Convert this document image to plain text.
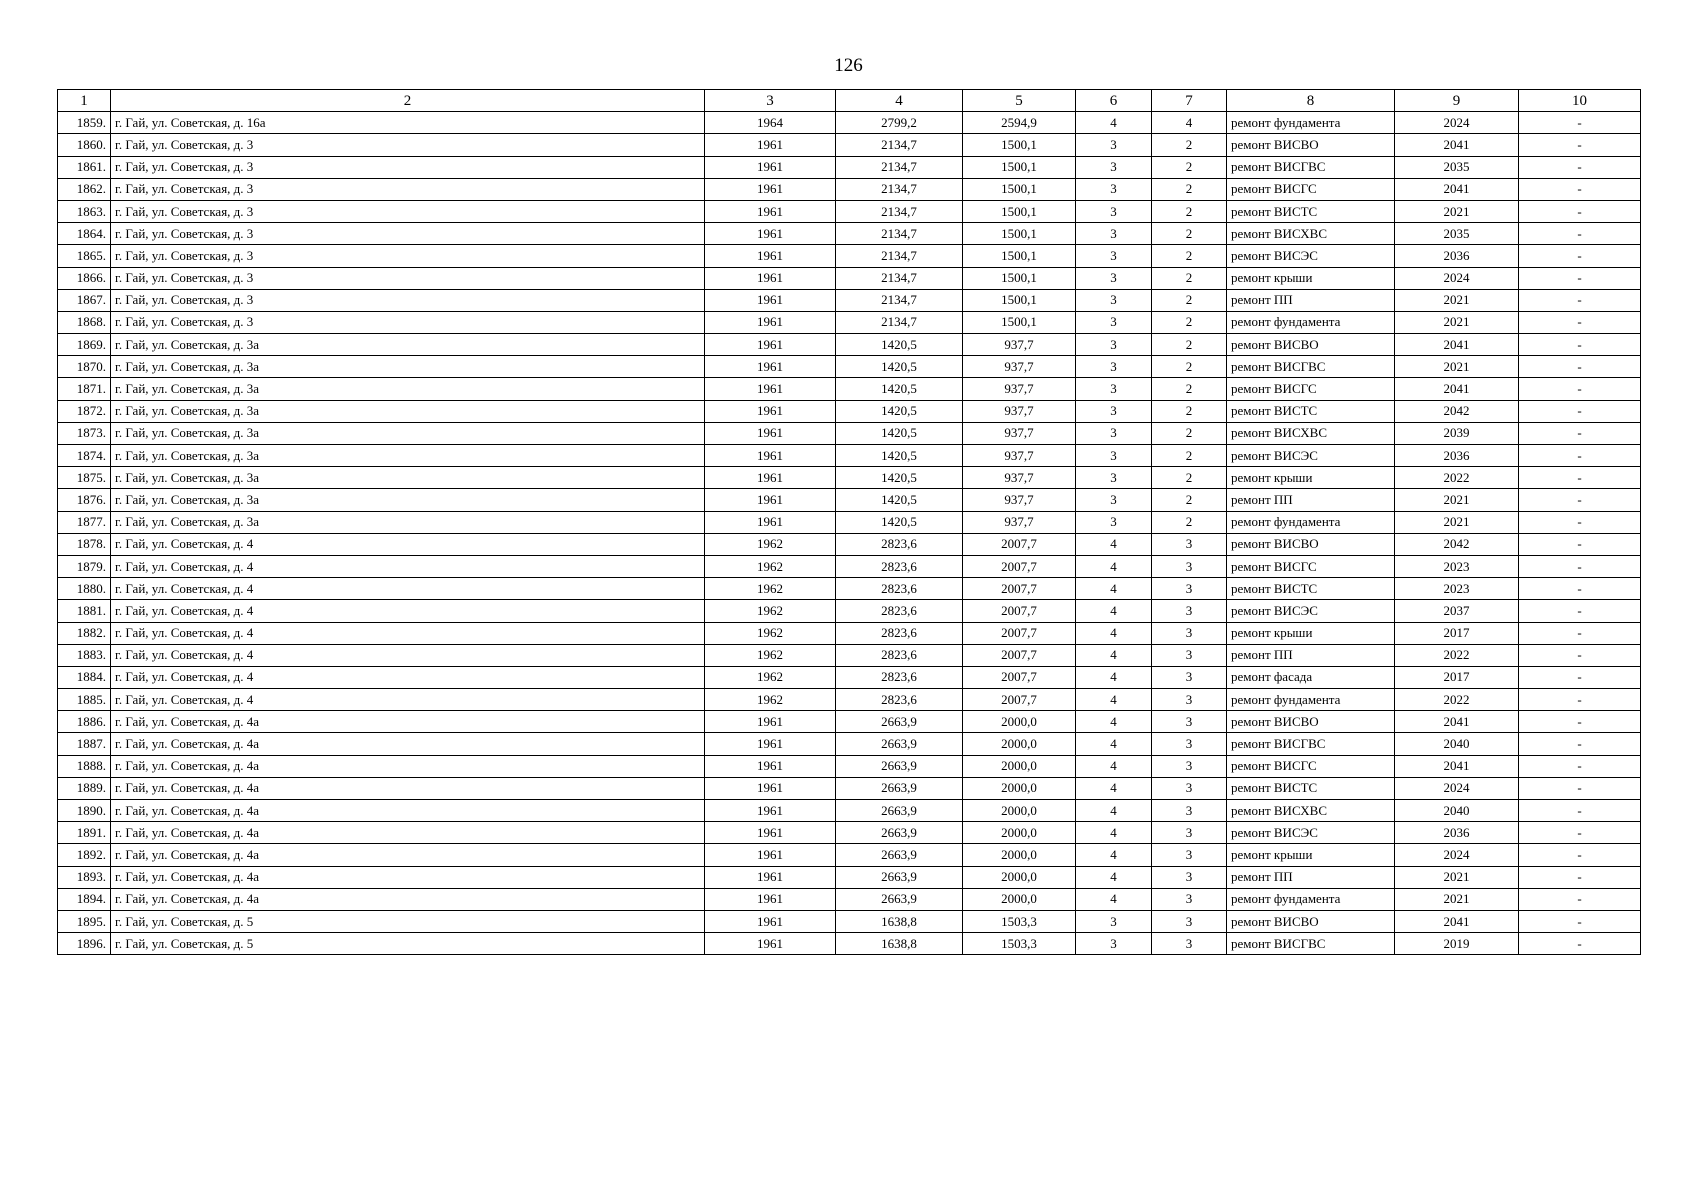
126
1	2	3	4	5	6	7	8	9	10
1859.	г. Гай, ул. Советская, д. 16а	1964	2799,2	2594,9	4	4	ремонт фундамента	2024	-
1860.	г. Гай, ул. Советская, д. 3	1961	2134,7	1500,1	3	2	ремонт ВИСВО	2041	-
1861.	г. Гай, ул. Советская, д. 3	1961	2134,7	1500,1	3	2	ремонт ВИСГВС	2035	-
1862.	г. Гай, ул. Советская, д. 3	1961	2134,7	1500,1	3	2	ремонт ВИСГС	2041	-
1863.	г. Гай, ул. Советская, д. 3	1961	2134,7	1500,1	3	2	ремонт ВИСТС	2021	-
1864.	г. Гай, ул. Советская, д. 3	1961	2134,7	1500,1	3	2	ремонт ВИСХВС	2035	-
1865.	г. Гай, ул. Советская, д. 3	1961	2134,7	1500,1	3	2	ремонт ВИСЭС	2036	-
1866.	г. Гай, ул. Советская, д. 3	1961	2134,7	1500,1	3	2	ремонт крыши	2024	-
1867.	г. Гай, ул. Советская, д. 3	1961	2134,7	1500,1	3	2	ремонт ПП	2021	-
1868.	г. Гай, ул. Советская, д. 3	1961	2134,7	1500,1	3	2	ремонт фундамента	2021	-
1869.	г. Гай, ул. Советская, д. 3а	1961	1420,5	937,7	3	2	ремонт ВИСВО	2041	-
1870.	г. Гай, ул. Советская, д. 3а	1961	1420,5	937,7	3	2	ремонт ВИСГВС	2021	-
1871.	г. Гай, ул. Советская, д. 3а	1961	1420,5	937,7	3	2	ремонт ВИСГС	2041	-
1872.	г. Гай, ул. Советская, д. 3а	1961	1420,5	937,7	3	2	ремонт ВИСТС	2042	-
1873.	г. Гай, ул. Советская, д. 3а	1961	1420,5	937,7	3	2	ремонт ВИСХВС	2039	-
1874.	г. Гай, ул. Советская, д. 3а	1961	1420,5	937,7	3	2	ремонт ВИСЭС	2036	-
1875.	г. Гай, ул. Советская, д. 3а	1961	1420,5	937,7	3	2	ремонт крыши	2022	-
1876.	г. Гай, ул. Советская, д. 3а	1961	1420,5	937,7	3	2	ремонт ПП	2021	-
1877.	г. Гай, ул. Советская, д. 3а	1961	1420,5	937,7	3	2	ремонт фундамента	2021	-
1878.	г. Гай, ул. Советская, д. 4	1962	2823,6	2007,7	4	3	ремонт ВИСВО	2042	-
1879.	г. Гай, ул. Советская, д. 4	1962	2823,6	2007,7	4	3	ремонт ВИСГС	2023	-
1880.	г. Гай, ул. Советская, д. 4	1962	2823,6	2007,7	4	3	ремонт ВИСТС	2023	-
1881.	г. Гай, ул. Советская, д. 4	1962	2823,6	2007,7	4	3	ремонт ВИСЭС	2037	-
1882.	г. Гай, ул. Советская, д. 4	1962	2823,6	2007,7	4	3	ремонт крыши	2017	-
1883.	г. Гай, ул. Советская, д. 4	1962	2823,6	2007,7	4	3	ремонт ПП	2022	-
1884.	г. Гай, ул. Советская, д. 4	1962	2823,6	2007,7	4	3	ремонт фасада	2017	-
1885.	г. Гай, ул. Советская, д. 4	1962	2823,6	2007,7	4	3	ремонт фундамента	2022	-
1886.	г. Гай, ул. Советская, д. 4а	1961	2663,9	2000,0	4	3	ремонт ВИСВО	2041	-
1887.	г. Гай, ул. Советская, д. 4а	1961	2663,9	2000,0	4	3	ремонт ВИСГВС	2040	-
1888.	г. Гай, ул. Советская, д. 4а	1961	2663,9	2000,0	4	3	ремонт ВИСГС	2041	-
1889.	г. Гай, ул. Советская, д. 4а	1961	2663,9	2000,0	4	3	ремонт ВИСТС	2024	-
1890.	г. Гай, ул. Советская, д. 4а	1961	2663,9	2000,0	4	3	ремонт ВИСХВС	2040	-
1891.	г. Гай, ул. Советская, д. 4а	1961	2663,9	2000,0	4	3	ремонт ВИСЭС	2036	-
1892.	г. Гай, ул. Советская, д. 4а	1961	2663,9	2000,0	4	3	ремонт крыши	2024	-
1893.	г. Гай, ул. Советская, д. 4а	1961	2663,9	2000,0	4	3	ремонт ПП	2021	-
1894.	г. Гай, ул. Советская, д. 4а	1961	2663,9	2000,0	4	3	ремонт фундамента	2021	-
1895.	г. Гай, ул. Советская, д. 5	1961	1638,8	1503,3	3	3	ремонт ВИСВО	2041	-
1896.	г. Гай, ул. Советская, д. 5	1961	1638,8	1503,3	3	3	ремонт ВИСГВС	2019	-
